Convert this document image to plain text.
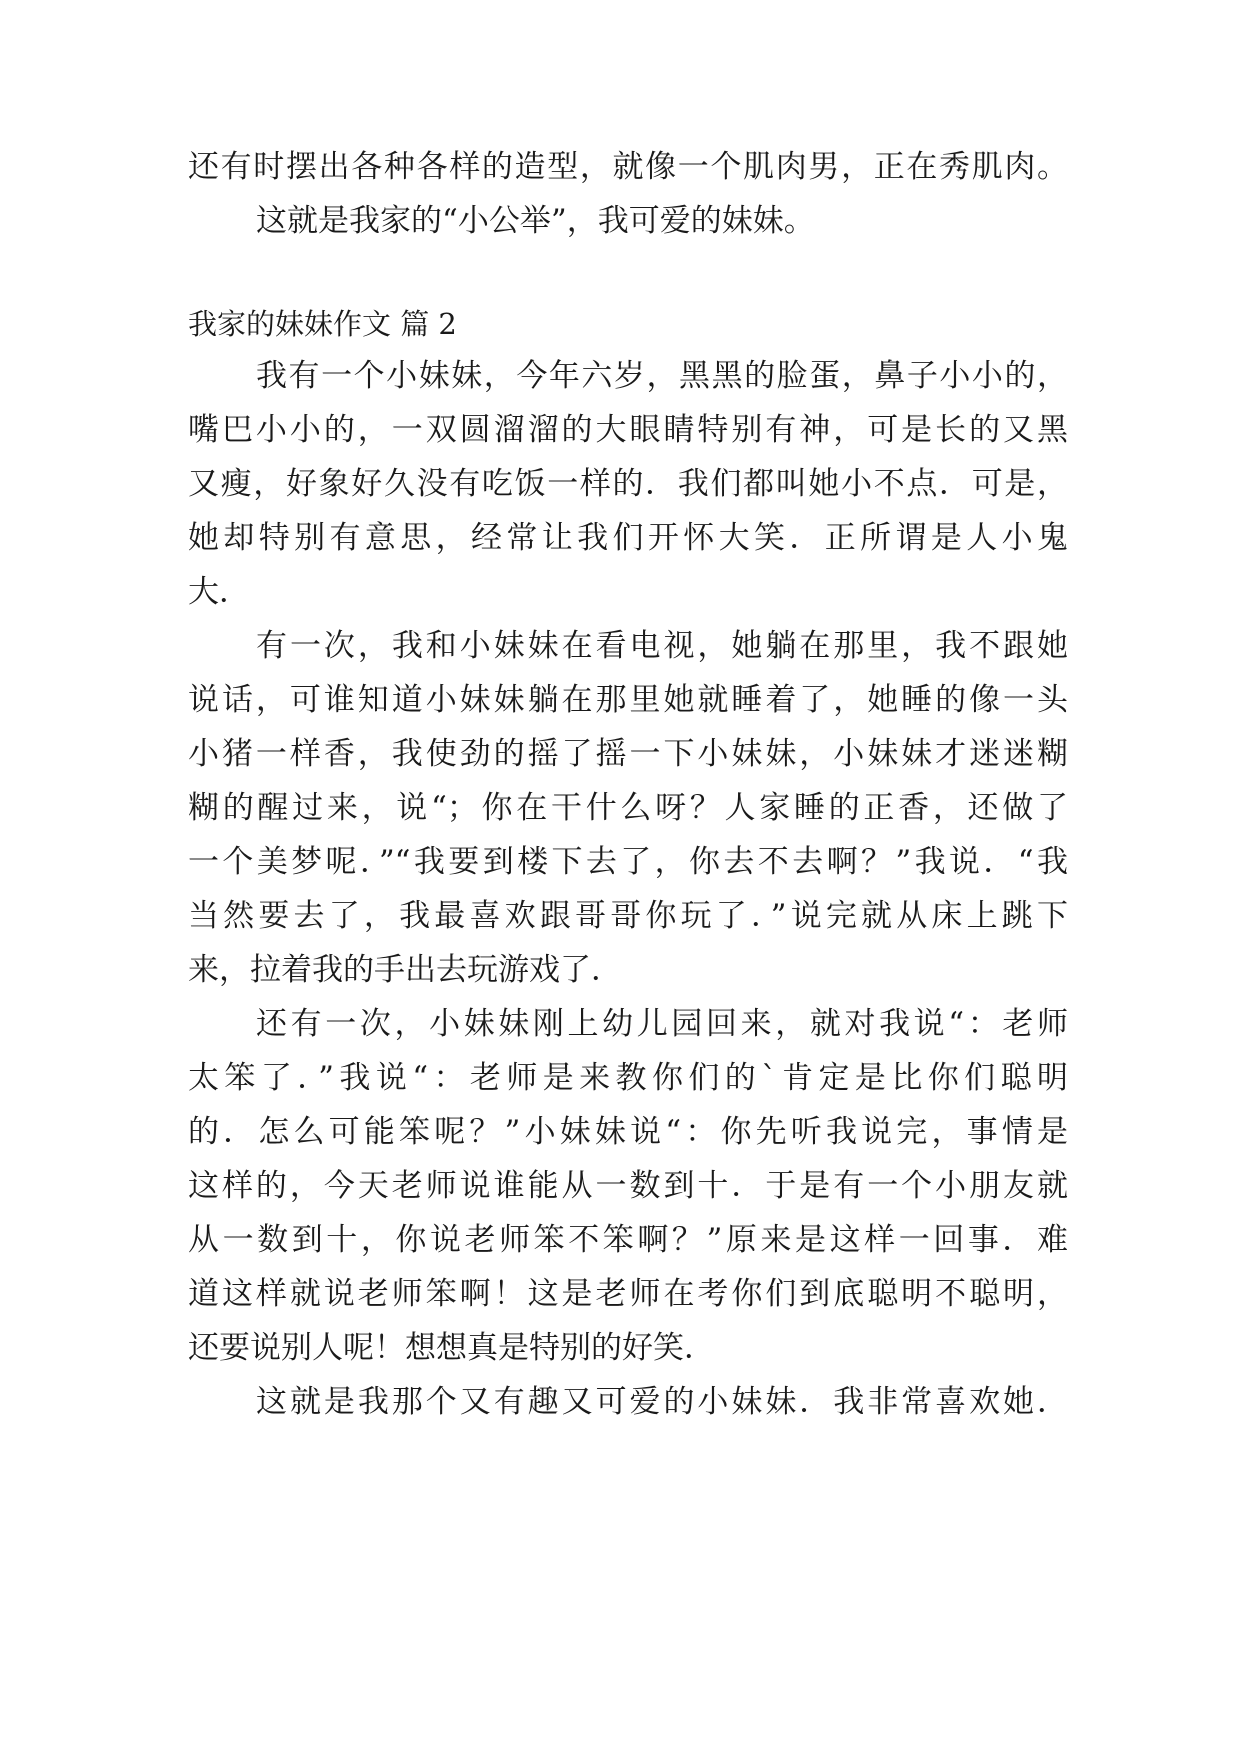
还有时摆出各种各样的造型，就像一个肌肉男，正在秀肌肉。
这就是我家的“小公举”，我可爱的妹妹。
我家的妹妹作文 篇 2
我有一个小妹妹，今年六岁，黑黑的脸蛋，鼻子小小的，
嘴巴小小的，一双圆溜溜的大眼睛特别有神，可是长的又黑
又瘦，好象好久没有吃饭一样的．我们都叫她小不点．可是，
她却特别有意思，经常让我们开怀大笑．正所谓是人小鬼
大．
有一次，我和小妹妹在看电视，她躺在那里，我不跟她
说话，可谁知道小妹妹躺在那里她就睡着了，她睡的像一头
小猪一样香，我使劲的摇了摇一下小妹妹，小妹妹才迷迷糊
糊的醒过来，说“；你在干什么呀？人家睡的正香，还做了
一个美梦呢．”“我要到楼下去了，你去不去啊？”我说．“我
当然要去了，我最喜欢跟哥哥你玩了．”说完就从床上跳下
来，拉着我的手出去玩游戏了．
还有一次，小妹妹刚上幼儿园回来，就对我说“：老师
太笨了．”我说“：老师是来教你们的`肯定是比你们聪明
的．怎么可能笨呢？”小妹妹说“：你先听我说完，事情是
这样的，今天老师说谁能从一数到十．于是有一个小朋友就
从一数到十，你说老师笨不笨啊？”原来是这样一回事．难
道这样就说老师笨啊！这是老师在考你们到底聪明不聪明，
还要说别人呢！想想真是特别的好笑．
这就是我那个又有趣又可爱的小妹妹．我非常喜欢她．
